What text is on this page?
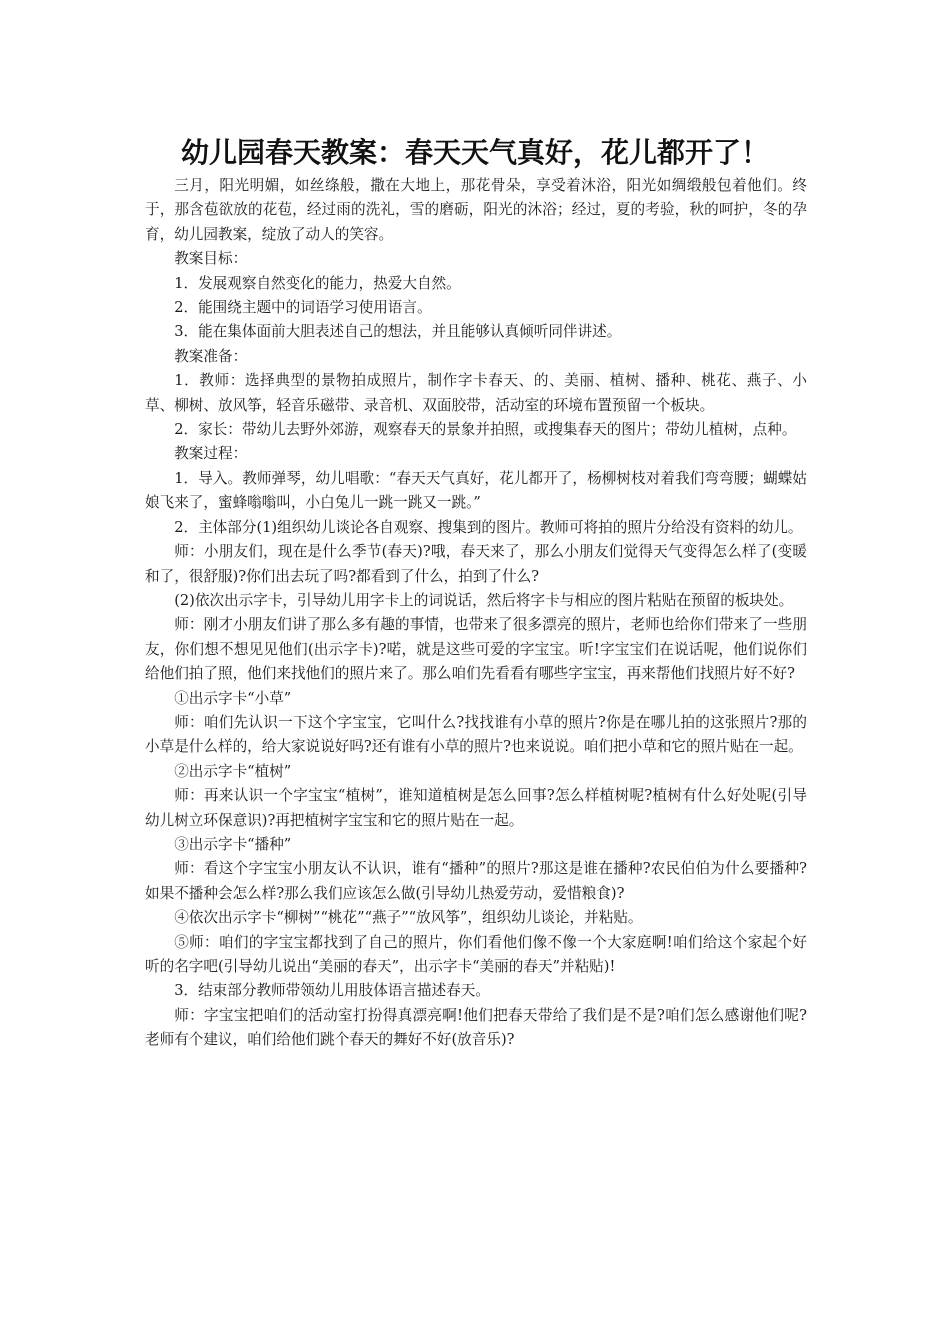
幼儿园春天教案：春天天气真好，花儿都开了！

三月，阳光明媚，如丝绦般，撒在大地上，那花骨朵，享受着沐浴，阳光如绸缎般包着他们。终于，那含苞欲放的花苞，经过雨的洗礼，雪的磨砺，阳光的沐浴；经过，夏的考验，秋的呵护，冬的孕育，幼儿园教案，绽放了动人的笑容。

教案目标：

1．发展观察自然变化的能力，热爱大自然。

2．能围绕主题中的词语学习使用语言。

3．能在集体面前大胆表述自己的想法，并且能够认真倾听同伴讲述。

教案准备：

1．教师：选择典型的景物拍成照片，制作字卡春天、的、美丽、植树、播种、桃花、燕子、小草、柳树、放风筝，轻音乐磁带、录音机、双面胶带，活动室的环境布置预留一个板块。

2．家长：带幼儿去野外郊游，观察春天的景象并拍照，或搜集春天的图片；带幼儿植树，点种。

教案过程：

1．导入。教师弹琴，幼儿唱歌：“春天天气真好，花儿都开了，杨柳树枝对着我们弯弯腰；蝴蝶姑娘飞来了，蜜蜂嗡嗡叫，小白兔儿一跳一跳又一跳。”

2．主体部分(1)组织幼儿谈论各自观察、搜集到的图片。教师可将拍的照片分给没有资料的幼儿。

师：小朋友们，现在是什么季节(春天)?哦，春天来了，那么小朋友们觉得天气变得怎么样了(变暖和了，很舒服)?你们出去玩了吗?都看到了什么，拍到了什么?

(2)依次出示字卡，引导幼儿用字卡上的词说话，然后将字卡与相应的图片粘贴在预留的板块处。

师：刚才小朋友们讲了那么多有趣的事情，也带来了很多漂亮的照片，老师也给你们带来了一些朋友，你们想不想见见他们(出示字卡)?喏，就是这些可爱的字宝宝。听!字宝宝们在说话呢，他们说你们给他们拍了照，他们来找他们的照片来了。那么咱们先看看有哪些字宝宝，再来帮他们找照片好不好?

①出示字卡“小草”

师：咱们先认识一下这个字宝宝，它叫什么?找找谁有小草的照片?你是在哪儿拍的这张照片?那的小草是什么样的，给大家说说好吗?还有谁有小草的照片?也来说说。咱们把小草和它的照片贴在一起。

②出示字卡“植树”

师：再来认识一个字宝宝“植树”，谁知道植树是怎么回事?怎么样植树呢?植树有什么好处呢(引导幼儿树立环保意识)?再把植树字宝宝和它的照片贴在一起。

③出示字卡“播种”

师：看这个字宝宝小朋友认不认识，谁有“播种”的照片?那这是谁在播种?农民伯伯为什么要播种?如果不播种会怎么样?那么我们应该怎么做(引导幼儿热爱劳动，爱惜粮食)?

④依次出示字卡“柳树”“桃花”“燕子”“放风筝”，组织幼儿谈论，并粘贴。

⑤师：咱们的字宝宝都找到了自己的照片，你们看他们像不像一个大家庭啊!咱们给这个家起个好听的名字吧(引导幼儿说出“美丽的春天”，出示字卡“美丽的春天”并粘贴)!

3．结束部分教师带领幼儿用肢体语言描述春天。

师：字宝宝把咱们的活动室打扮得真漂亮啊!他们把春天带给了我们是不是?咱们怎么感谢他们呢?老师有个建议，咱们给他们跳个春天的舞好不好(放音乐)?
